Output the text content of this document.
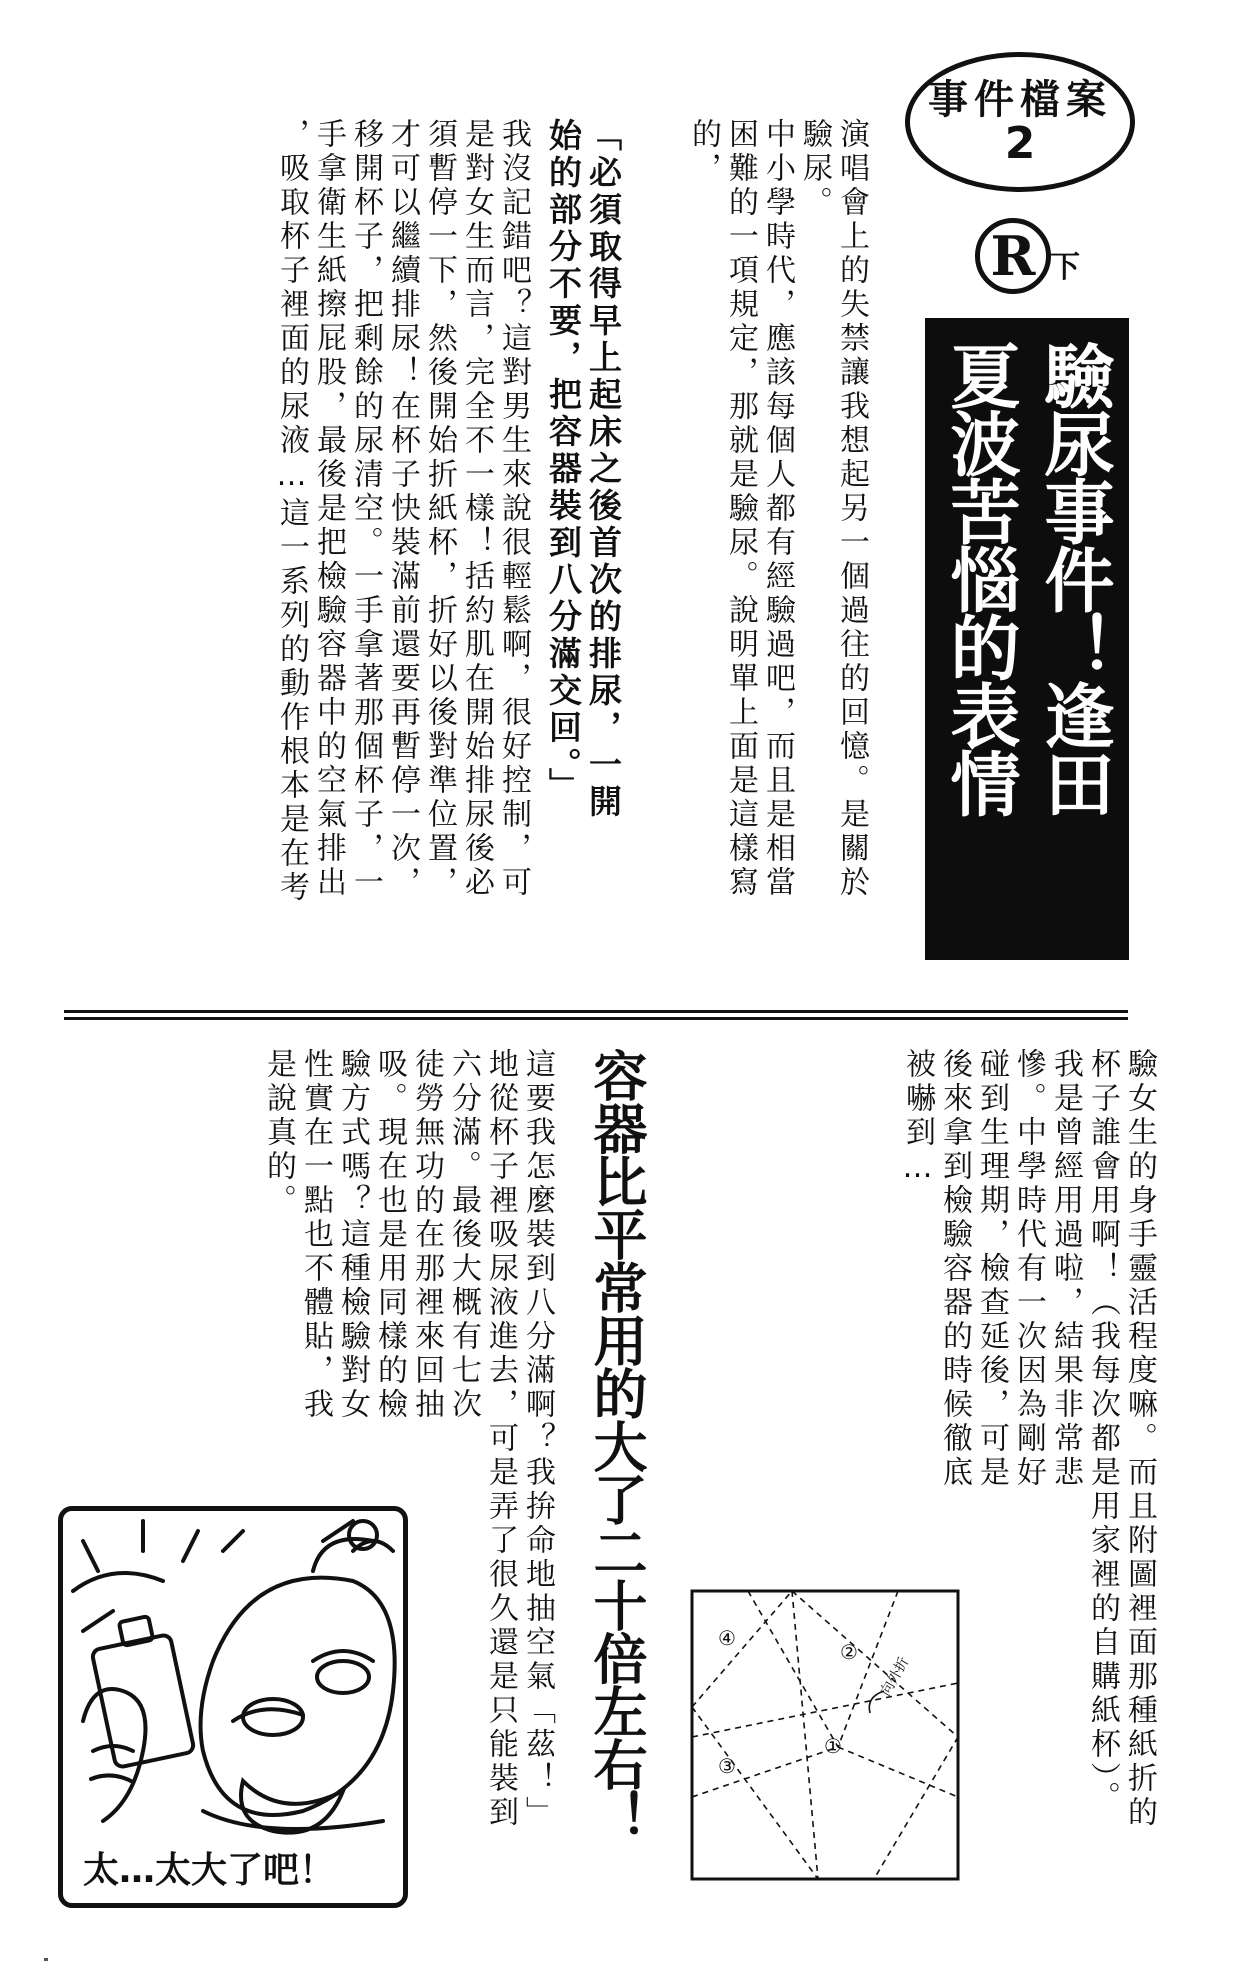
事件檔案
2
R 下
驗尿事件！逢田
夏波苦惱的表情
演唱會上的失禁讓我想起另一個過往的回憶。是關於
驗尿。
中小學時代，應該每個人都有經驗過吧，而且是相當
困難的一項規定，那就是驗尿。說明單上面是這樣寫
的，
「必須取得早上起床之後首次的排尿，一開
始的部分不要，把容器裝到八分滿交回。」
我沒記錯吧？這對男生來說很輕鬆啊，很好控制，可
是對女生而言，完全不一樣！括約肌在開始排尿後必
須暫停一下，然後開始折紙杯，折好以後對準位置，
才可以繼續排尿！在杯子快裝滿前還要再暫停一次，
移開杯子，把剩餘的尿清空。一手拿著那個杯子，一
手拿衛生紙擦屁股，最後是把檢驗容器中的空氣排出
，吸取杯子裡面的尿液…這一系列的動作根本是在考
驗女生的身手靈活程度嘛。而且附圖裡面那種紙折的
杯子誰會用啊！（我每次都是用家裡的自購紙杯）。
我是曾經用過啦，結果非常悲
慘。中學時代有一次因為剛好
碰到生理期，檢查延後，可是
後來拿到檢驗容器的時候徹底
被嚇到…
容器比平常用的大了二十倍左右！
這要我怎麼裝到八分滿啊？我拚命地抽空氣「茲！」
地從杯子裡吸尿液進去，可是弄了很久還是只能裝到
六分滿。最後大概有七次
徒勞無功的在那裡來回抽
吸。現在也是用同樣的檢
驗方式嗎？這種檢驗對女
性實在一點也不體貼，我
是說真的。
④
②
①
③
向外折
太…太大了吧！
